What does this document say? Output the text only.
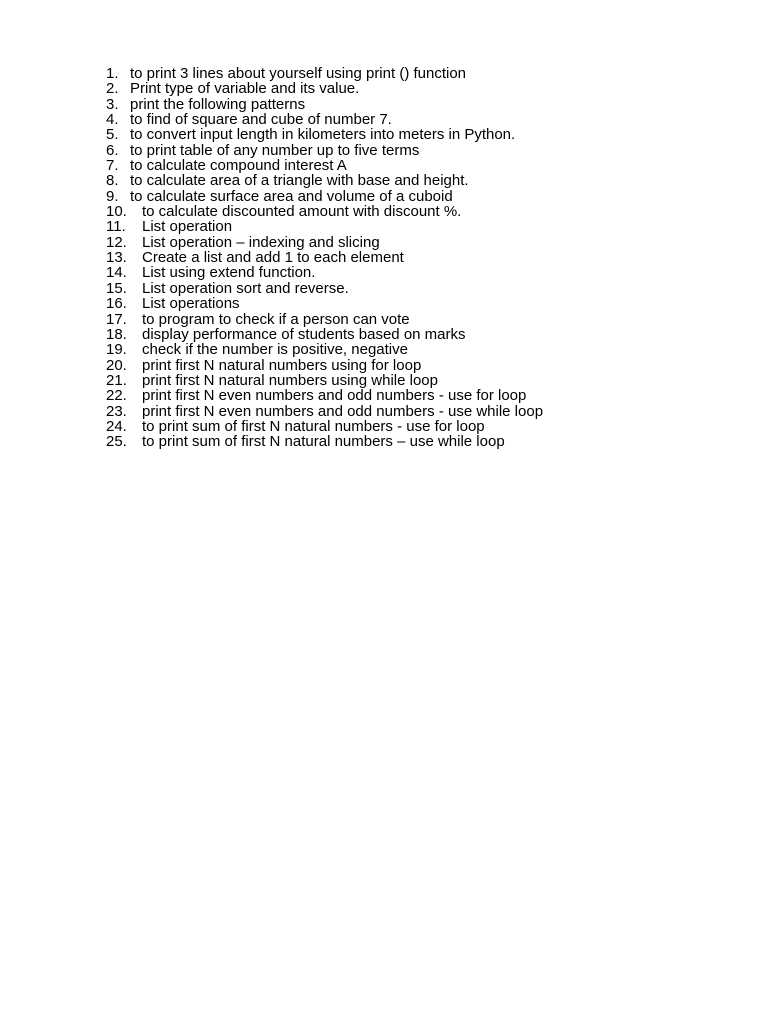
1. to print 3 lines about yourself using print () function
2. Print type of variable and its value.
3. print the following patterns
4. to find of square and cube of number 7.
5. to convert input length in kilometers into meters in Python.
6. to print table of any number up to five terms
7. to calculate compound interest A
8. to calculate area of a triangle with base and height.
9. to calculate surface area and volume of a cuboid
10.	to calculate discounted amount with discount %.
11.	List operation
12.	List operation – indexing and slicing
13.	Create a list and add 1 to each element
14.	List using extend function.
15.	List operation sort and reverse.
16.	List operations
17.	to program to check if a person can vote
18.	display performance of students based on marks
19.	check if the number is positive, negative
20.	print first N natural numbers using for loop
21.	print first N natural numbers using while loop
22.	print first N even numbers and odd numbers - use for loop
23.	print first N even numbers and odd numbers - use while loop
24.	to print sum of first N natural numbers - use for loop
25.	to print sum of first N natural numbers – use while loop
